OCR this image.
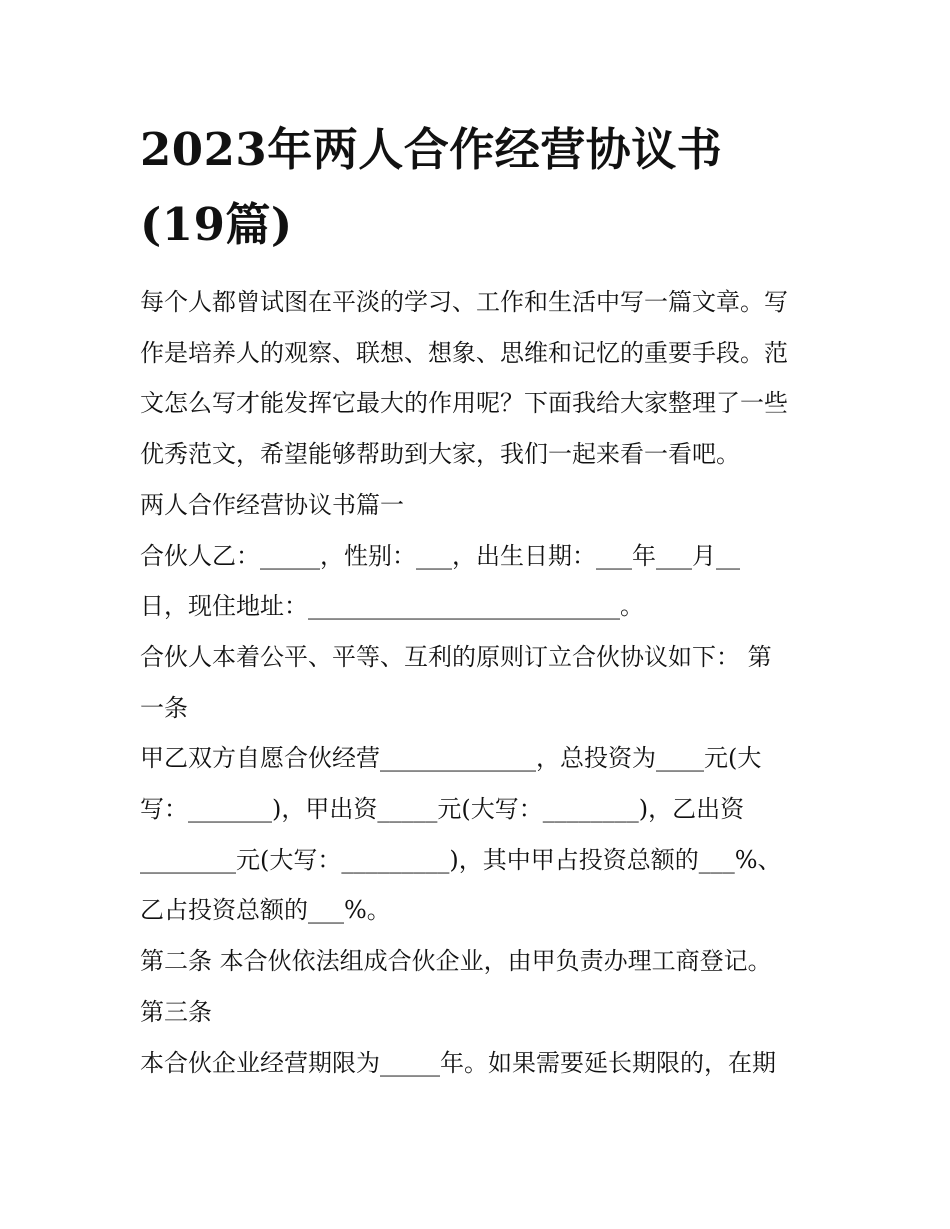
2023年两人合作经营协议书
(19篇)

每个人都曾试图在平淡的学习、工作和生活中写一篇文章。写
作是培养人的观察、联想、想象、思维和记忆的重要手段。范
文怎么写才能发挥它最大的作用呢？下面我给大家整理了一些
优秀范文，希望能够帮助到大家，我们一起来看一看吧。

两人合作经营协议书篇一

合伙人乙：_____，性别：___，出生日期：___年___月__
日，现住地址：__________________________。

合伙人本着公平、平等、互利的原则订立合伙协议如下： 第
一条

甲乙双方自愿合伙经营_____________，总投资为____元(大
写：_______)，甲出资_____元(大写：________)，乙出资
________元(大写：_________)，其中甲占投资总额的___%、
乙占投资总额的___%。

第二条 本合伙依法组成合伙企业，由甲负责办理工商登记。

第三条

本合伙企业经营期限为_____年。如果需要延长期限的，在期
